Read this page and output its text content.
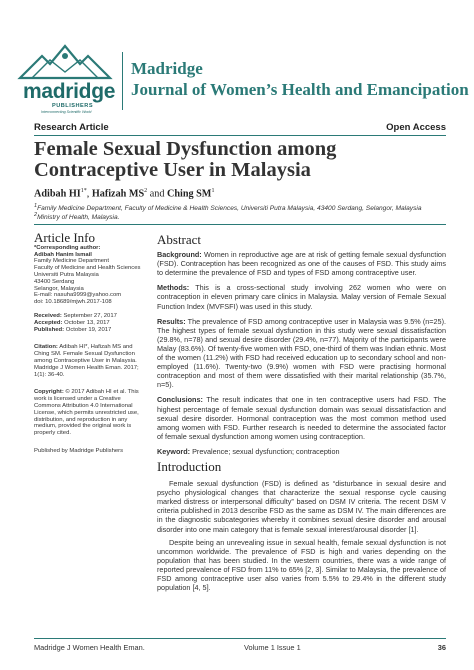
madridge
PUBLISHERS
Interconnecting Scientific World
Madridge
Journal of Women’s Health and Emancipation
Research Article	Open Access
Female Sexual Dysfunction among Contraceptive User in Malaysia
Adibah $HI^{1*}$, Hafizah $MS^2$ and Ching $SM^1$
$^1$Family Medicine Department, Faculty of Medicine & Health Sciences, Universiti Putra Malaysia, 43400 Serdang, Selangor, Malaysia
$^2$Ministry of Health, Malaysia.
Article Info
*Corresponding author:
Adibah Hanim Ismail
Family Medicine Department
Faculty of Medicine and Health Sciences
Universiti Putra Malaysia
43400 Serdang
Selangor, Malaysia
E-mail: nasuha9999@yahoo.com
doi: 10.18689/mjwh.2017-108
Received: September 27, 2017
Accepted: October 13, 2017
Published: October 19, 2017
Citation: Adibah HI*, Hafizah MS and Ching SM. Female Sexual Dysfunction among Contraceptive User in Malaysia. Madridge J Women Health Eman. 2017; 1(1): 36-40.
Copyright: © 2017 Adibah HI et al. This work is licensed under a Creative Commons Attribution 4.0 International License, which permits unrestricted use, distribution, and reproduction in any medium, provided the original work is properly cited.
Published by Madridge Publishers
Abstract

Background: Women in reproductive age are at risk of getting female sexual dysfunction (FSD). Contraception has been recognized as one of the causes of FSD. This study aims to determine the prevalence of FSD and types of FSD among contraceptive user.

Methods: This is a cross-sectional study involving 262 women who were on contraception in eleven primary care clinics in Malaysia. Malay version of Female Sexual Function Index (MVFSFI) was used in this study.

Results: The prevalence of FSD among contraceptive user in Malaysia was 9.5% (n=25). The highest types of female sexual dysfunction in this study were sexual dissatisfaction (29.8%, n=78) and sexual desire disorder (29.4%, n=77). Majority of the participants were Malay (83.6%). Of twenty-five women with FSD, one-third of them was Indian ethnic. Most of the women (11.2%) with FSD had received education up to secondary school and non- employed (11.6%). Twenty-two (9.9%) women with FSD were practising hormonal contraception and most of them were dissatisfied with their marital relationship (35.7%, n=5).

Conclusions: The result indicates that one in ten contraceptive users had FSD. The highest percentage of female sexual dysfunction domain was sexual dissatisfaction and sexual desire disorder. Hormonal contraception was the most common method used among women with FSD. Further research is needed to determine the associated factor of female sexual dysfunction among women using contraception.

Keyword: Prevalence; sexual dysfunction; contraception

Introduction

Female sexual dysfunction (FSD) is defined as “disturbance in sexual desire and psycho physiological changes that characterize the sexual response cycle causing marked distress or interpersonal difficulty” based on DSM IV criteria. The recent DSM V criteria published in 2013 describe FSD as the same as DSM IV. The main differences are in the diagnostic subcategories whereby it combines sexual desire disorder and arousal disorder into one main category that is female sexual interest/arousal disorder [1].

Despite being an unrevealing issue in sexual health, female sexual dysfunction is not uncommon worldwide. The prevalence of FSD is high and varies depending on the population that has been studied. In the western countries, there was a wide range of reported prevalence of FSD from 11% to 65% [2, 3]. Similar to Malaysia, the prevalence of FSD among contraceptive user also varies from 5.5% to 29.4% in the different study population [4, 5].

Madridge J Women Health Eman.	Volume 1 Issue 1	36
